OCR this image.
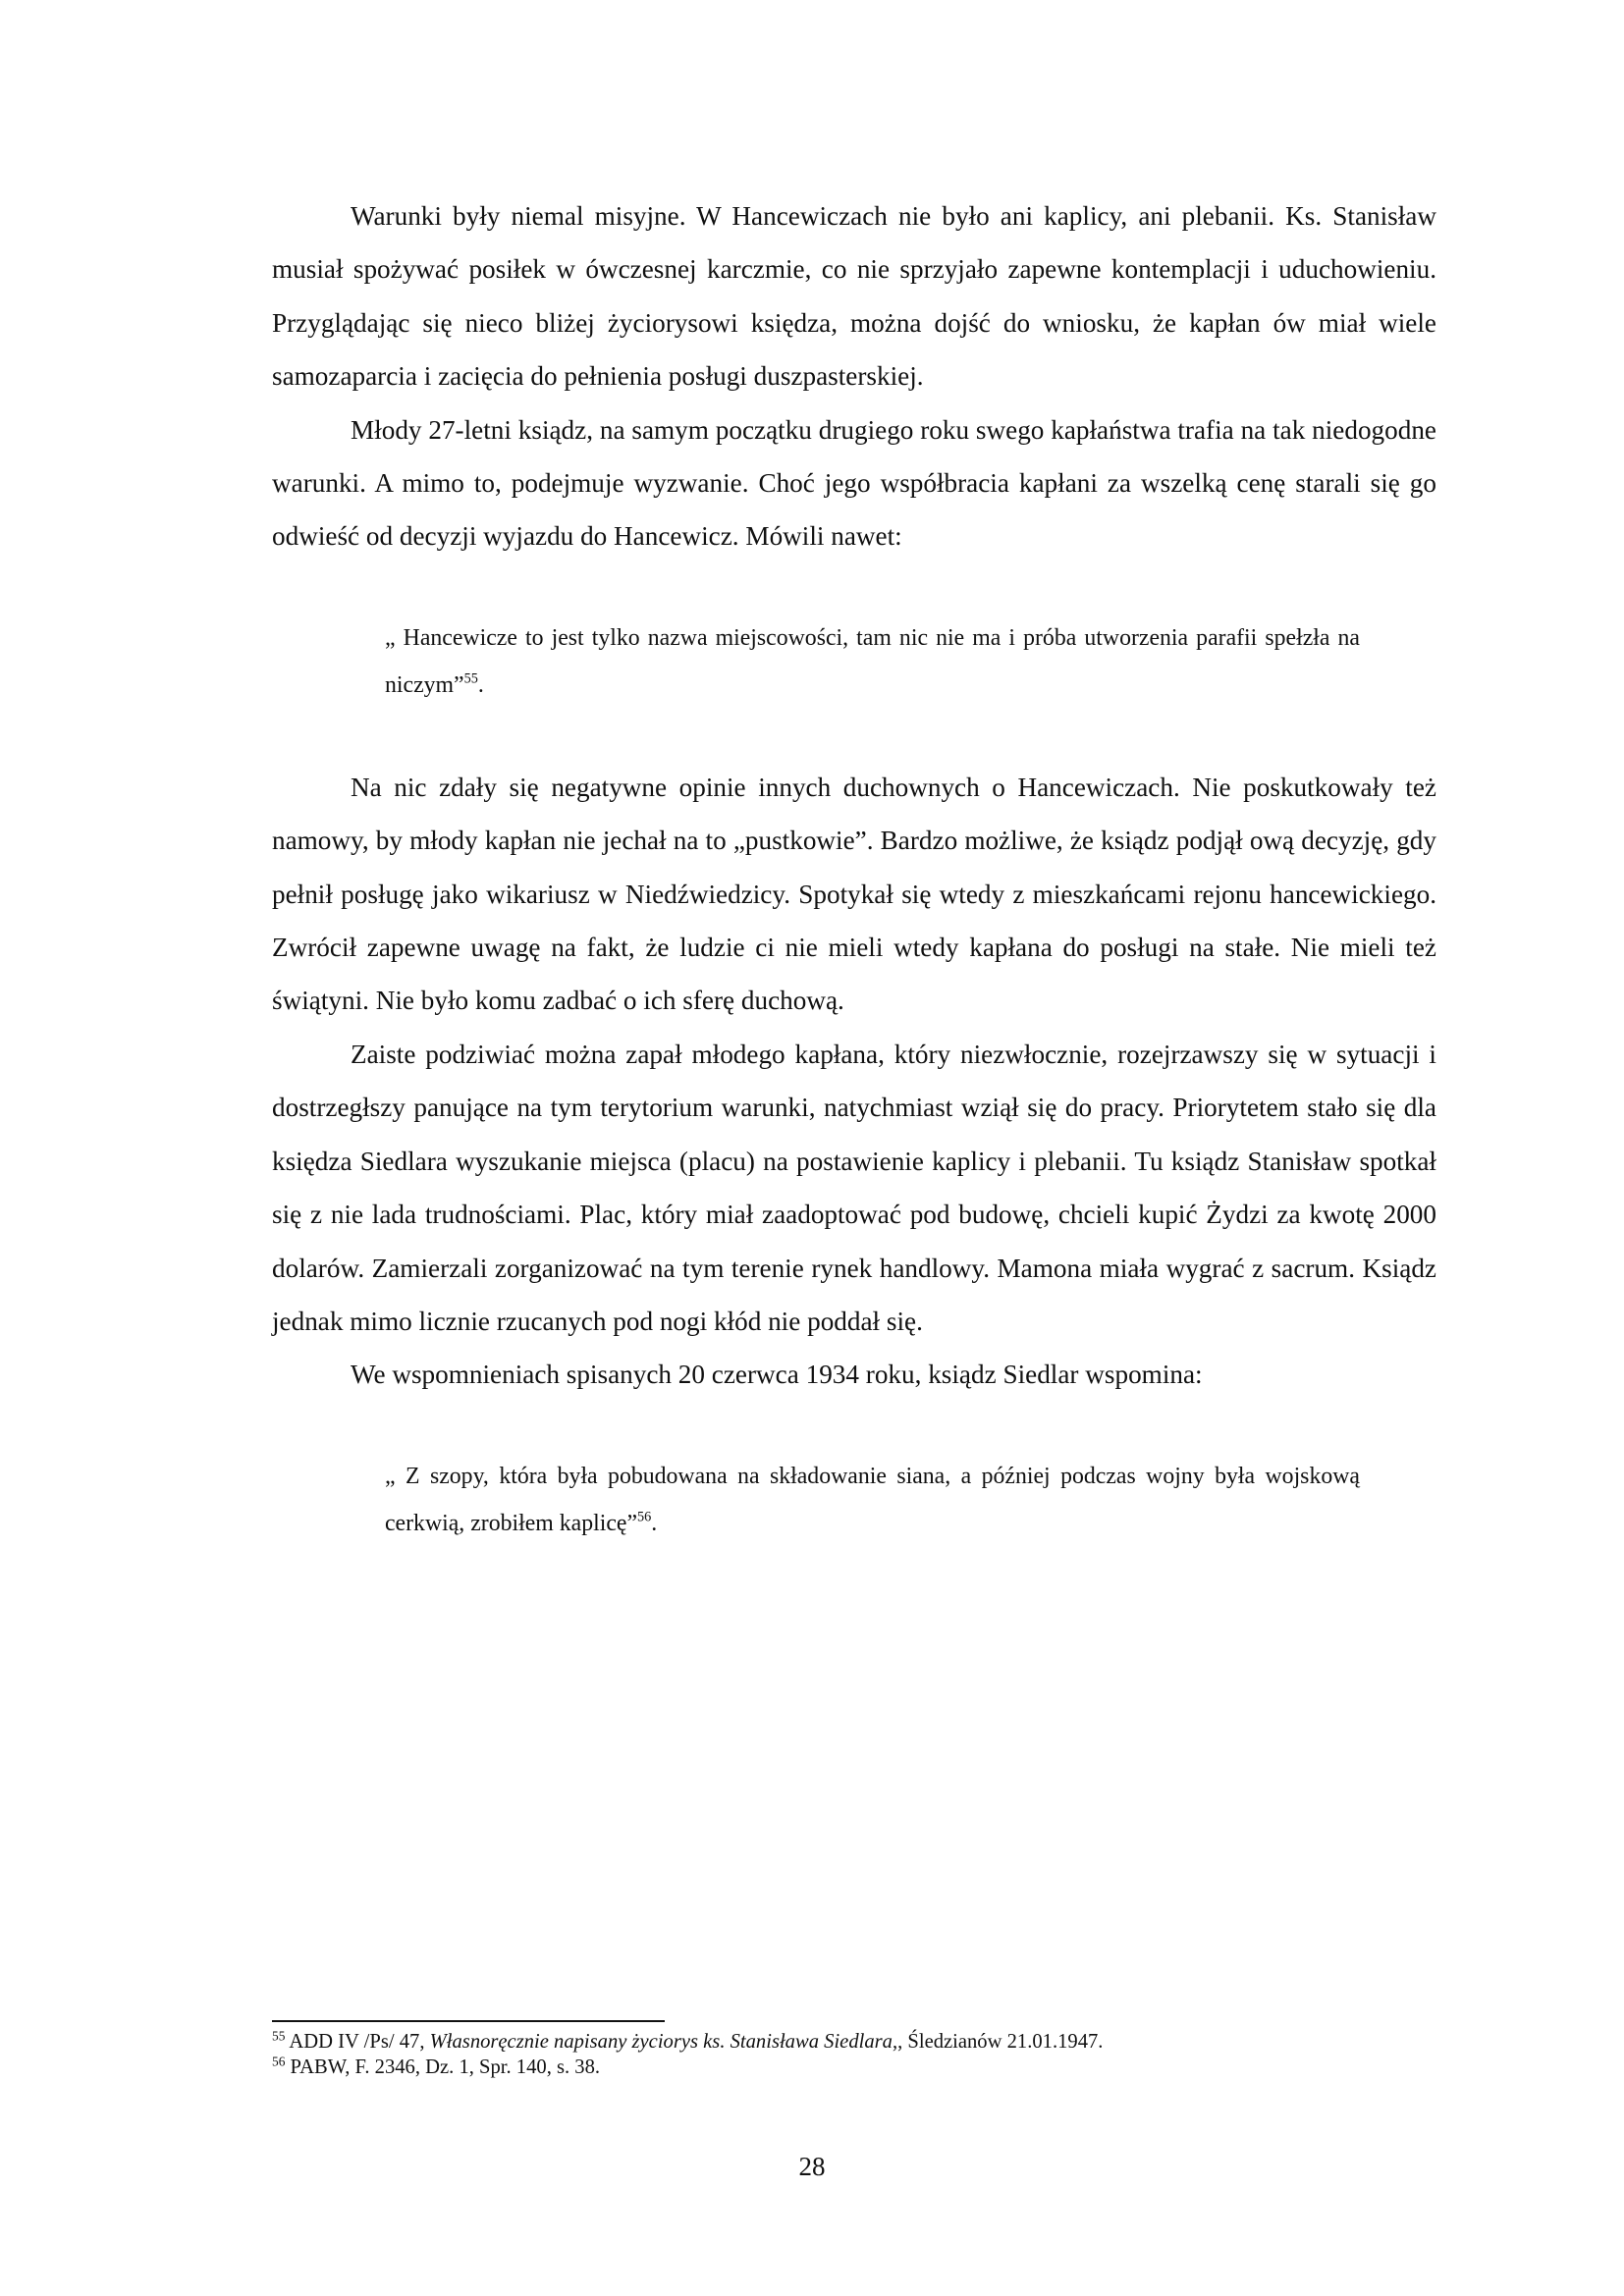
Warunki były niemal misyjne. W Hancewiczach nie było ani kaplicy, ani plebanii. Ks. Stanisław musiał spożywać posiłek w ówczesnej karczmie, co nie sprzyjało zapewne kontemplacji i uduchowieniu. Przyglądając się nieco bliżej życiorysowi księdza, można dojść do wniosku, że kapłan ów miał wiele samozaparcia i zacięcia do pełnienia posługi duszpasterskiej.

Młody 27-letni ksiądz, na samym początku drugiego roku swego kapłaństwa trafia na tak niedogodne warunki. A mimo to, podejmuje wyzwanie. Choć jego współbracia kapłani za wszelką cenę starali się go odwieść od decyzji wyjazdu do Hancewicz. Mówili nawet:

„ Hancewicze to jest tylko nazwa miejscowości, tam nic nie ma i próba utworzenia parafii spełzła na niczym”$^{55}$.

Na nic zdały się negatywne opinie innych duchownych o Hancewiczach. Nie poskutkowały też namowy, by młody kapłan nie jechał na to „pustkowie”. Bardzo możliwe, że ksiądz podjął ową decyzję, gdy pełnił posługę jako wikariusz w Niedźwiedzicy. Spotykał się wtedy z mieszkańcami rejonu hancewickiego. Zwrócił zapewne uwagę na fakt, że ludzie ci nie mieli wtedy kapłana do posługi na stałe. Nie mieli też świątyni. Nie było komu zadbać o ich sferę duchową.

Zaiste podziwiać można zapał młodego kapłana, który niezwłocznie, rozejrzawszy się w sytuacji i dostrzegłszy panujące na tym terytorium warunki, natychmiast wziął się do pracy. Priorytetem stało się dla księdza Siedlara wyszukanie miejsca (placu) na postawienie kaplicy i plebanii. Tu ksiądz Stanisław spotkał się z nie lada trudnościami. Plac, który miał zaadoptować pod budowę, chcieli kupić Żydzi za kwotę 2000 dolarów. Zamierzali zorganizować na tym terenie rynek handlowy. Mamona miała wygrać z sacrum. Ksiądz jednak mimo licznie rzucanych pod nogi kłód nie poddał się.

We wspomnieniach spisanych 20 czerwca 1934 roku, ksiądz Siedlar wspomina:

„ Z szopy, która była pobudowana na składowanie siana, a później podczas wojny była wojskową cerkwią, zrobiłem kaplicę”$^{56}$.

$^{55}$ ADD IV /Ps/ 47, Własnoręcznie napisany życiorys ks. Stanisława Siedlara,, Śledzianów 21.01.1947.

$^{56}$ PABW, F. 2346, Dz. 1, Spr. 140, s. 38.

28
